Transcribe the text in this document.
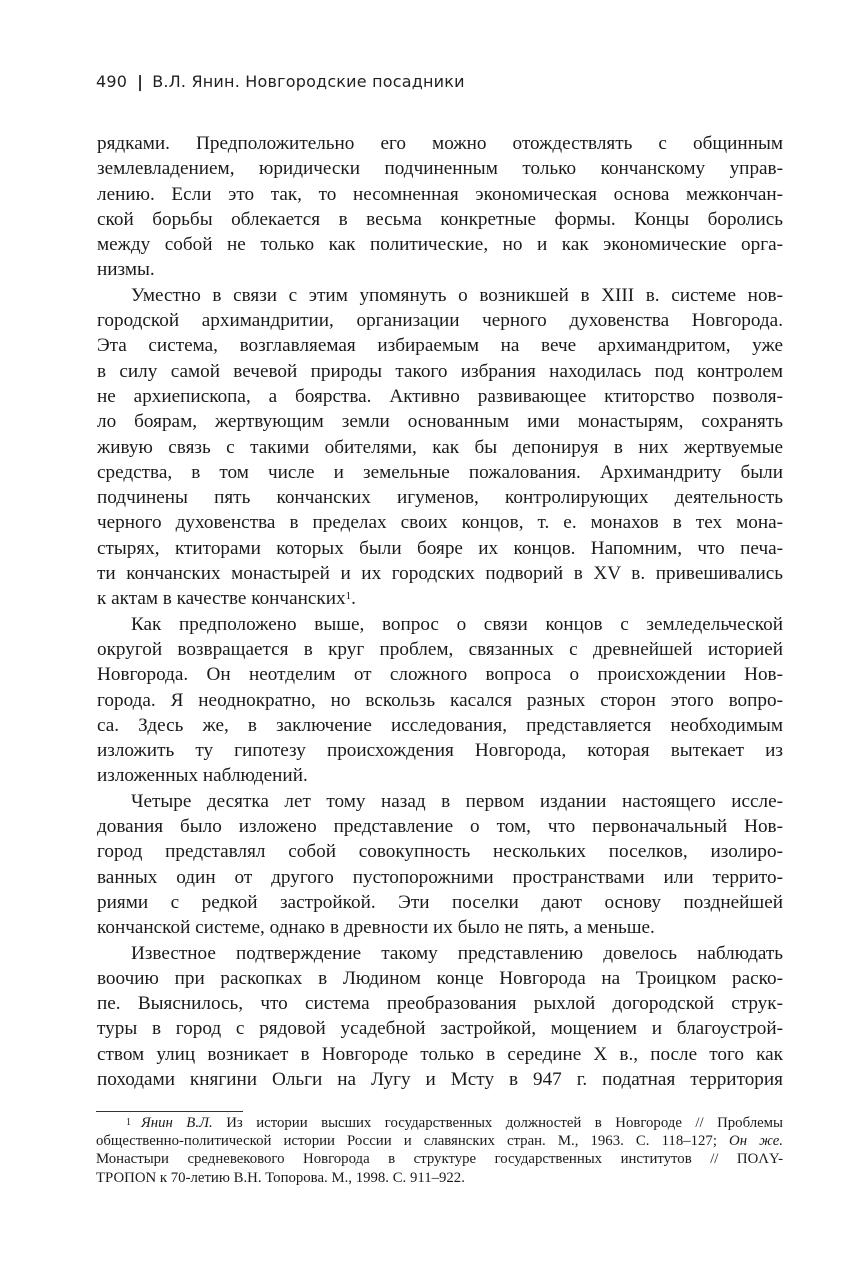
490 | В.Л. Янин. Новгородские посадники
рядками. Предположительно его можно отождествлять с общинным
землевладением, юридически подчиненным только кончанскому управ-
лению. Если это так, то несомненная экономическая основа межкончан-
ской борьбы облекается в весьма конкретные формы. Концы боролись
между собой не только как политические, но и как экономические орга-
низмы.
Уместно в связи с этим упомянуть о возникшей в XIII в. системе нов-
городской архимандритии, организации черного духовенства Новгорода.
Эта система, возглавляемая избираемым на вече архимандритом, уже
в силу самой вечевой природы такого избрания находилась под контролем
не архиепископа, а боярства. Активно развивающее ктиторство позволя-
ло боярам, жертвующим земли основанным ими монастырям, сохранять
живую связь с такими обителями, как бы депонируя в них жертвуемые
средства, в том числе и земельные пожалования. Архимандриту были
подчинены пять кончанских игуменов, контролирующих деятельность
черного духовенства в пределах своих концов, т. е. монахов в тех мона-
стырях, ктиторами которых были бояре их концов. Напомним, что печа-
ти кончанских монастырей и их городских подворий в XV в. привешивались
к актам в качестве кончанских$^1$.
Как предположено выше, вопрос о связи концов с земледельческой
округой возвращается в круг проблем, связанных с древнейшей историей
Новгорода. Он неотделим от сложного вопроса о происхождении Нов-
города. Я неоднократно, но вскользь касался разных сторон этого вопро-
са. Здесь же, в заключение исследования, представляется необходимым
изложить ту гипотезу происхождения Новгорода, которая вытекает из
изложенных наблюдений.
Четыре десятка лет тому назад в первом издании настоящего иссле-
дования было изложено представление о том, что первоначальный Нов-
город представлял собой совокупность нескольких поселков, изолиро-
ванных один от другого пустопорожними пространствами или террито-
риями с редкой застройкой. Эти поселки дают основу позднейшей
кончанской системе, однако в древности их было не пять, а меньше.
Известное подтверждение такому представлению довелось наблюдать
воочию при раскопках в Людином конце Новгорода на Троицком раско-
пе. Выяснилось, что система преобразования рыхлой догородской струк-
туры в город с рядовой усадебной застройкой, мощением и благоустрой-
ством улиц возникает в Новгороде только в середине X в., после того как
походами княгини Ольги на Лугу и Мсту в 947 г. податная территория
$^1$ Янин В.Л. Из истории высших государственных должностей в Новгороде // Проблемы
общественно-политической истории России и славянских стран. М., 1963. С. 118–127; Он же.
Монастыри средневекового Новгорода в структуре государственных институтов // ПОΛY-
ТРОПОN к 70-летию В.Н. Топорова. М., 1998. С. 911–922.
